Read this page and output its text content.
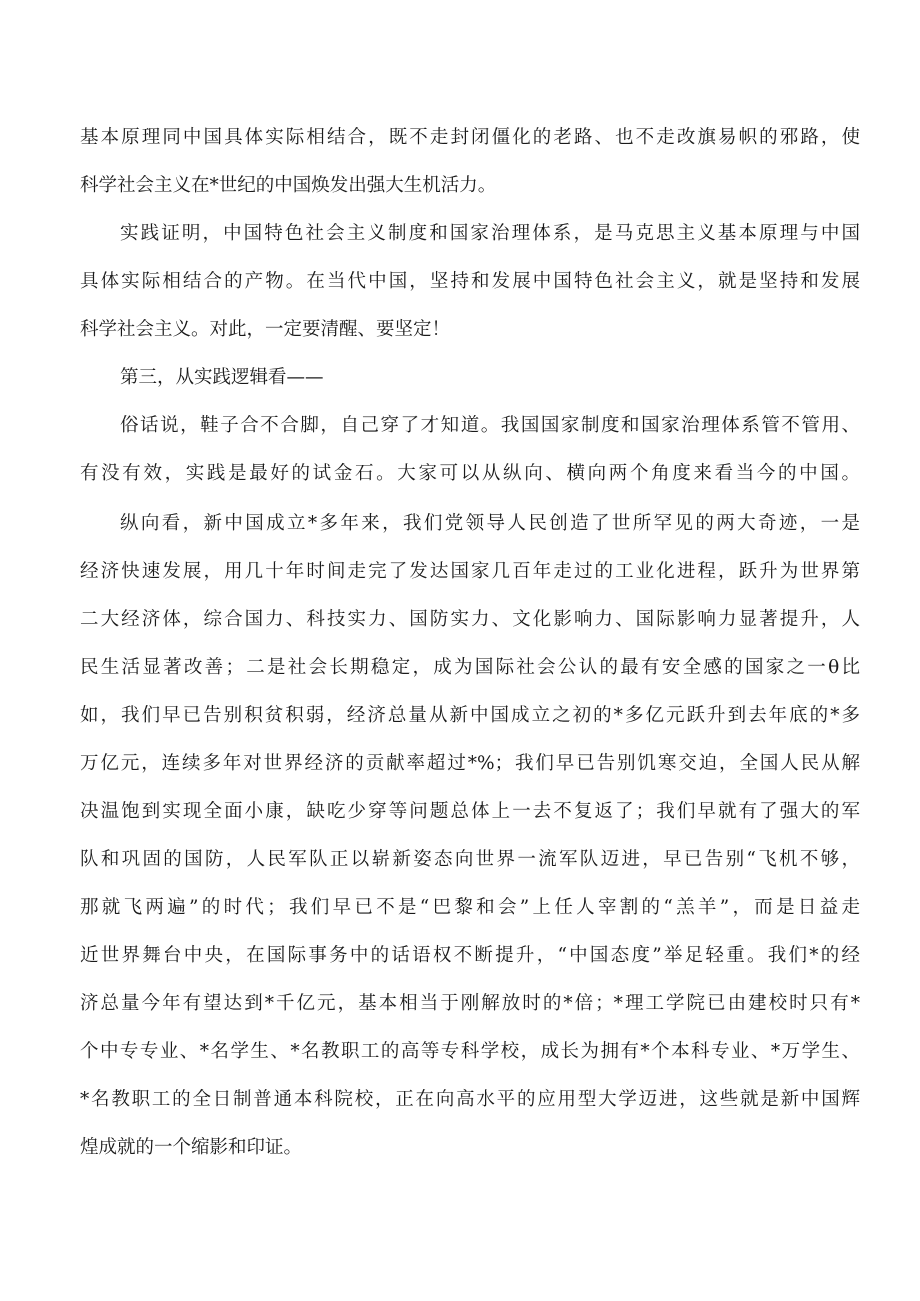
基本原理同中国具体实际相结合，既不走封闭僵化的老路、也不走改旗易帜的邪路，使
科学社会主义在*世纪的中国焕发出强大生机活力。
实践证明，中国特色社会主义制度和国家治理体系，是马克思主义基本原理与中国
具体实际相结合的产物。在当代中国，坚持和发展中国特色社会主义，就是坚持和发展
科学社会主义。对此，一定要清醒、要坚定！
第三，从实践逻辑看——
俗话说，鞋子合不合脚，自己穿了才知道。我国国家制度和国家治理体系管不管用、
有没有效，实践是最好的试金石。大家可以从纵向、横向两个角度来看当今的中国。
纵向看，新中国成立*多年来，我们党领导人民创造了世所罕见的两大奇迹，一是
经济快速发展，用几十年时间走完了发达国家几百年走过的工业化进程，跃升为世界第
二大经济体，综合国力、科技实力、国防实力、文化影响力、国际影响力显著提升，人
民生活显著改善；二是社会长期稳定，成为国际社会公认的最有安全感的国家之一θ比
如，我们早已告别积贫积弱，经济总量从新中国成立之初的*多亿元跃升到去年底的*多
万亿元，连续多年对世界经济的贡献率超过*%；我们早已告别饥寒交迫，全国人民从解
决温饱到实现全面小康，缺吃少穿等问题总体上一去不复返了；我们早就有了强大的军
队和巩固的国防，人民军队正以崭新姿态向世界一流军队迈进，早已告别“飞机不够，
那就飞两遍”的时代；我们早已不是“巴黎和会”上任人宰割的“羔羊”，而是日益走
近世界舞台中央，在国际事务中的话语权不断提升，“中国态度”举足轻重。我们*的经
济总量今年有望达到*千亿元，基本相当于刚解放时的*倍；*理工学院已由建校时只有*
个中专专业、*名学生、*名教职工的高等专科学校，成长为拥有*个本科专业、*万学生、
*名教职工的全日制普通本科院校，正在向高水平的应用型大学迈进，这些就是新中国辉
煌成就的一个缩影和印证。
